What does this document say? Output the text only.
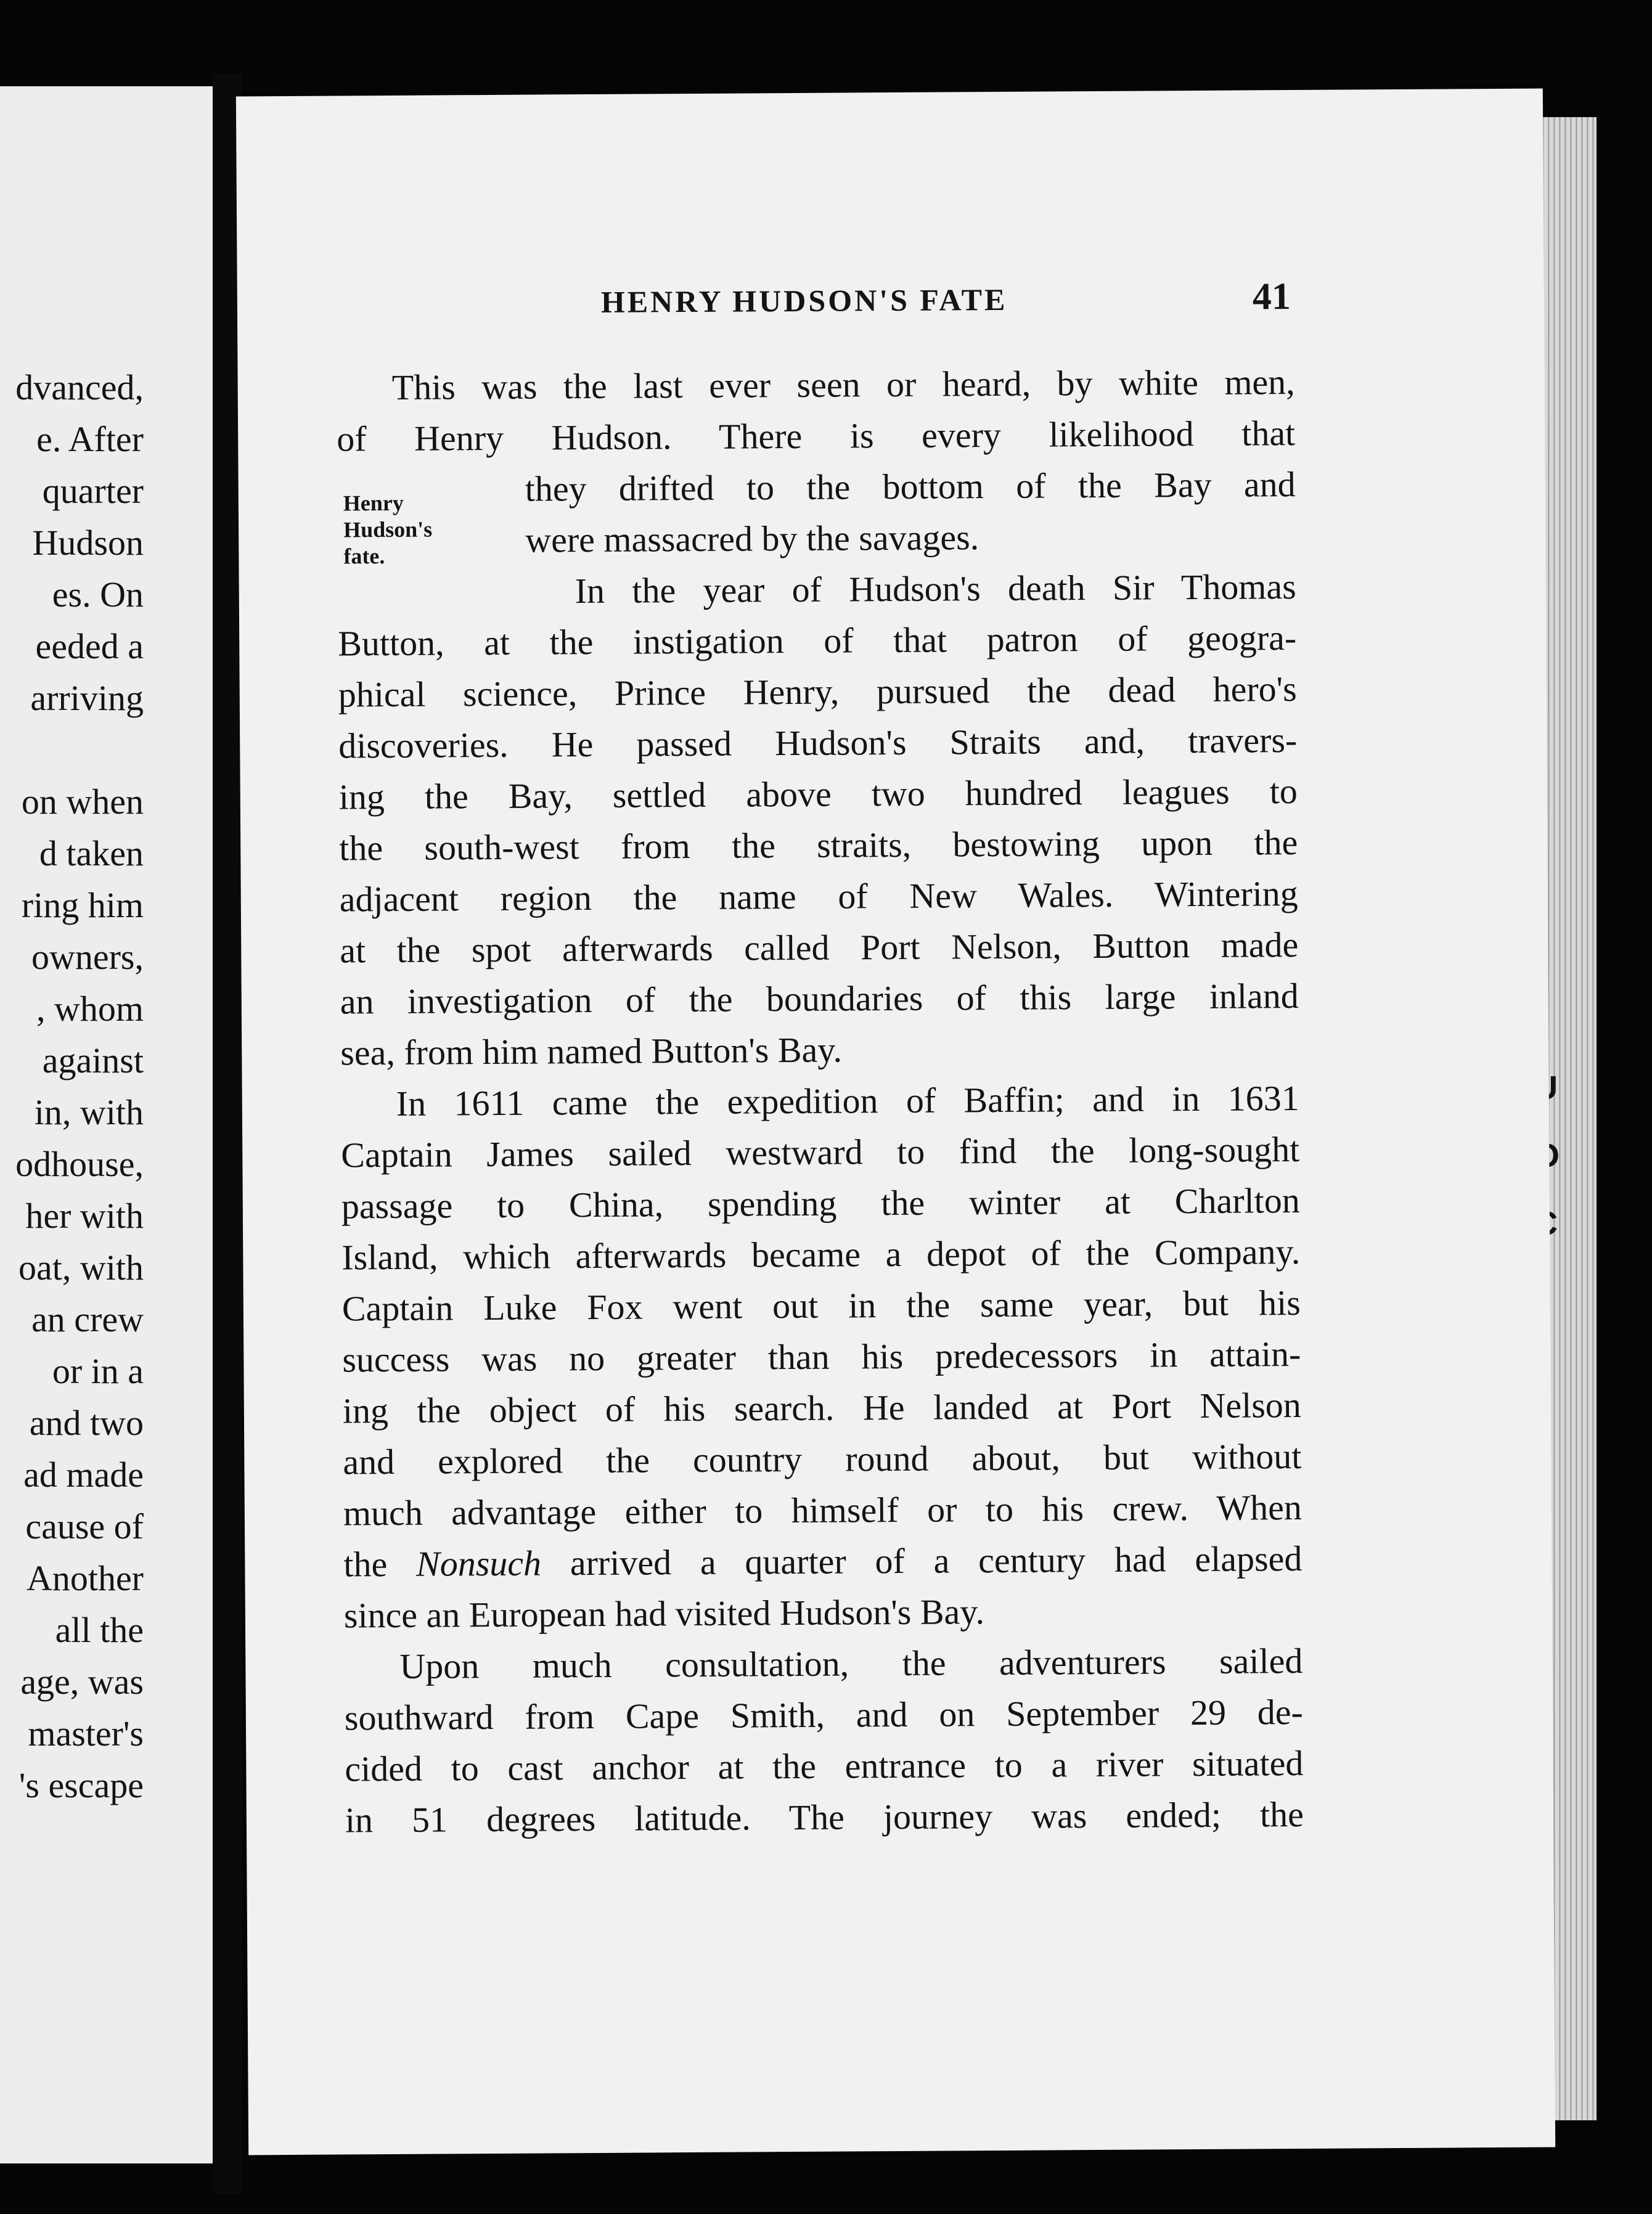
dvanced,
e. After
quarter
Hudson
es. On
eeded a
arriving
on when
d taken
ring him
owners,
, whom
against
in, with
odhouse,
her with
oat, with
an crew
or in a
and two
ad made
cause of
Another
all the
age, was
master's
's escape
HENRY HUDSON'S FATE	41
Henry
Hudson's
fate.
This was the last ever seen or heard, by white men,
of Henry Hudson. There is every likelihood that
they drifted to the bottom of the Bay and
were massacred by the savages.
In the year of Hudson's death Sir Thomas
Button, at the instigation of that patron of geogra-
phical science, Prince Henry, pursued the dead hero's
discoveries. He passed Hudson's Straits and, travers-
ing the Bay, settled above two hundred leagues to
the south-west from the straits, bestowing upon the
adjacent region the name of New Wales. Wintering
at the spot afterwards called Port Nelson, Button made
an investigation of the boundaries of this large inland
sea, from him named Button's Bay.
In 1611 came the expedition of Baffin; and in 1631
Captain James sailed westward to find the long-sought
passage to China, spending the winter at Charlton
Island, which afterwards became a depot of the Company.
Captain Luke Fox went out in the same year, but his
success was no greater than his predecessors in attain-
ing the object of his search. He landed at Port Nelson
and explored the country round about, but without
much advantage either to himself or to his crew. When
the Nonsuch arrived a quarter of a century had elapsed
since an European had visited Hudson's Bay.
Upon much consultation, the adventurers sailed
southward from Cape Smith, and on September 29 de-
cided to cast anchor at the entrance to a river situated
in 51 degrees latitude. The journey was ended; the
